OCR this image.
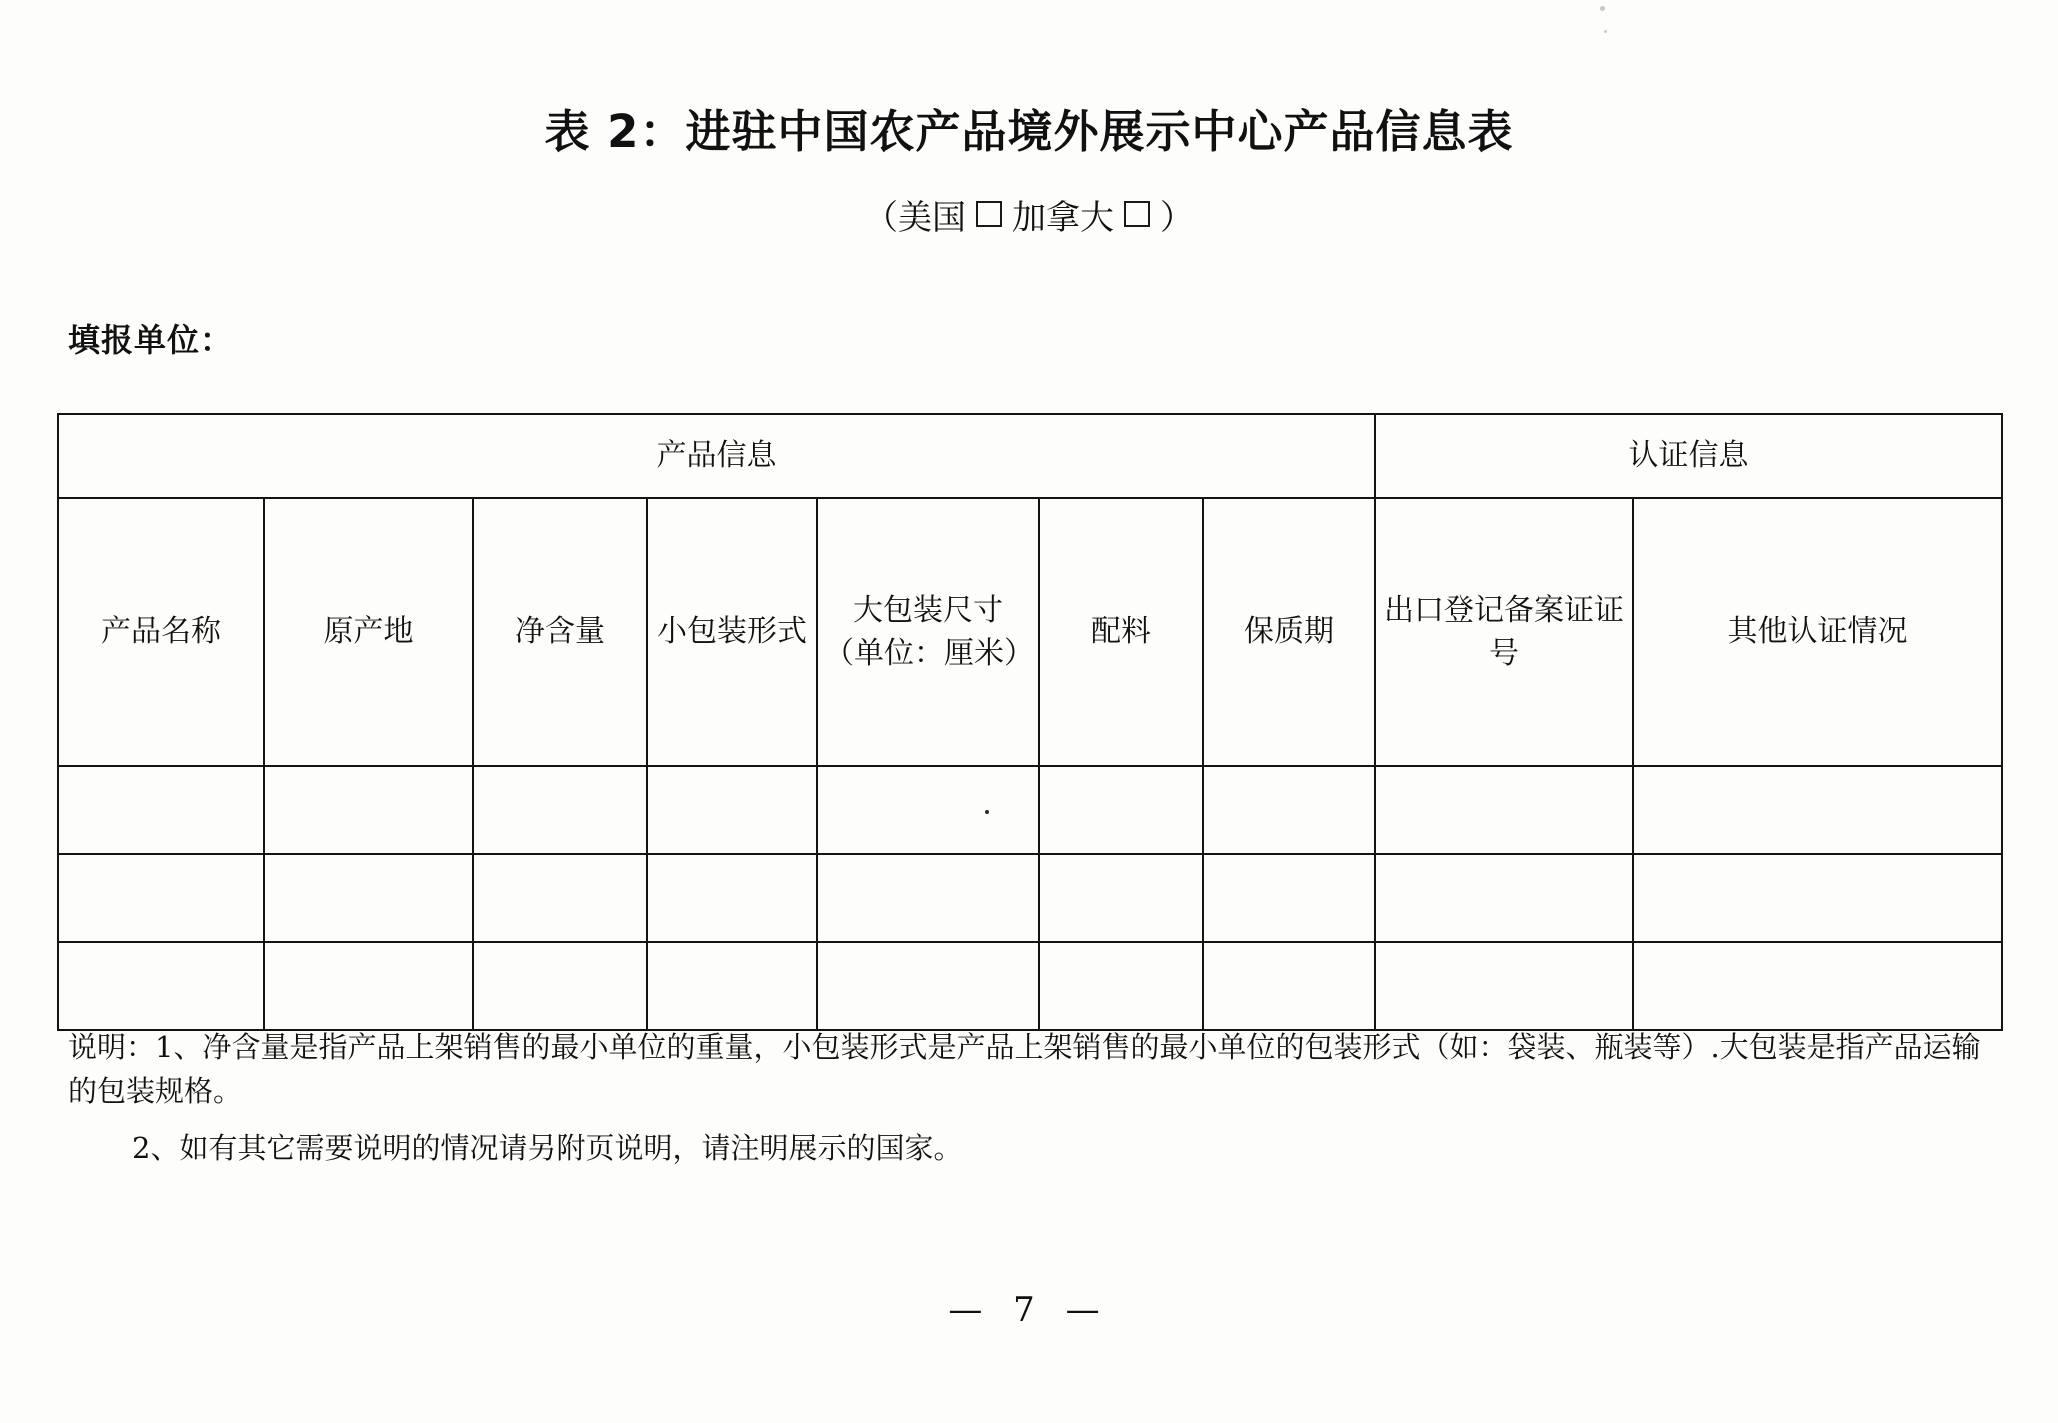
表 2：进驻中国农产品境外展示中心产品信息表
（美国 加拿大 ）
填报单位：
产品信息							认证信息	
产品名称	原产地	净含量	小包装形式	大包装尺寸（单位：厘米）	配料	保质期	出口登记备案证证号	其他认证情况

说明：1、净含量是指产品上架销售的最小单位的重量，小包装形式是产品上架销售的最小单位的包装形式（如：袋装、瓶装等）.大包装是指产品运输的包装规格。

2、如有其它需要说明的情况请另附页说明，请注明展示的国家。

— 7 —
